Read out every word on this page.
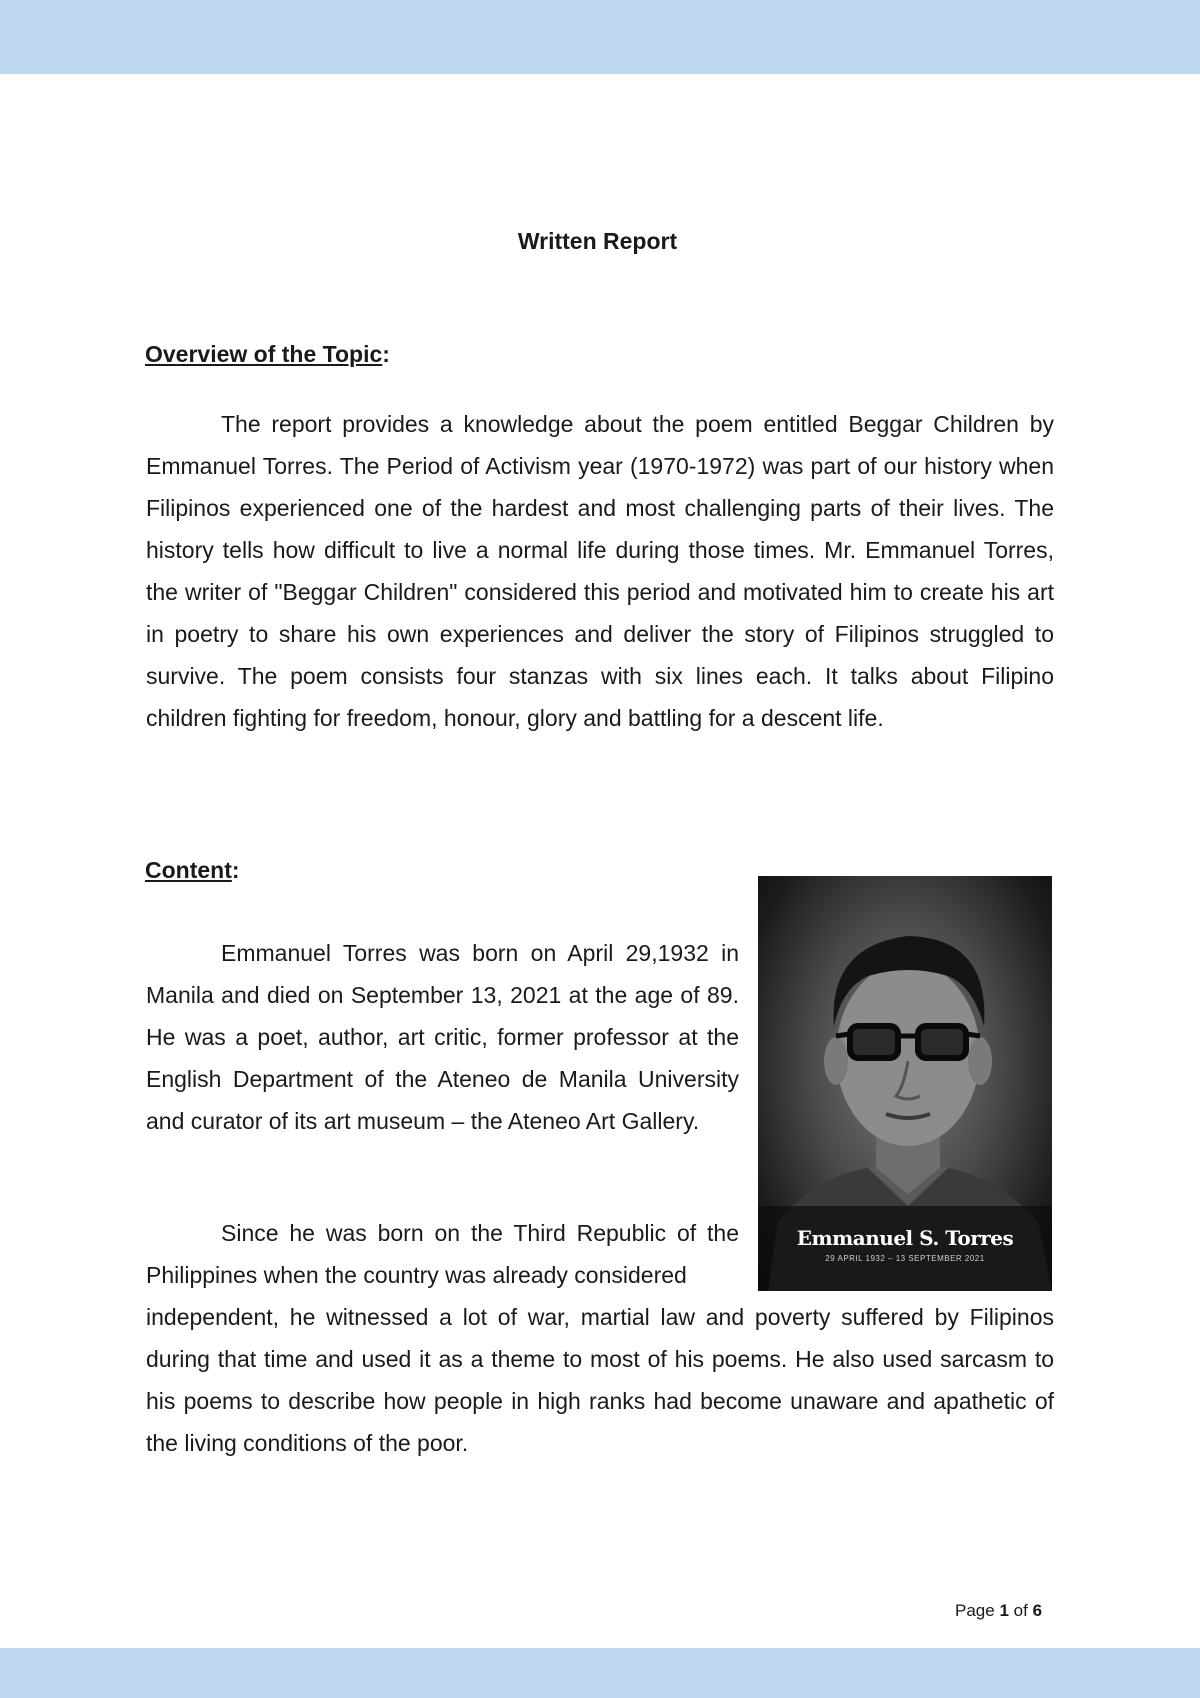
Written Report
Overview of the Topic:

The report provides a knowledge about the poem entitled Beggar Children by Emmanuel Torres. The Period of Activism year (1970-1972) was part of our history when Filipinos experienced one of the hardest and most challenging parts of their lives. The history tells how difficult to live a normal life during those times. Mr. Emmanuel Torres, the writer of "Beggar Children" considered this period and motivated him to create his art in poetry to share his own experiences and deliver the story of Filipinos struggled to survive. The poem consists four stanzas with six lines each. It talks about Filipino children fighting for freedom, honour, glory and battling for a descent life.

Content:

Emmanuel Torres was born on April 29,1932 in Manila and died on September 13, 2021 at the age of 89. He was a poet, author, art critic, former professor at the English Department of the Ateneo de Manila University and curator of its art museum – the Ateneo Art Gallery.

Since he was born on the Third Republic of the Philippines when the country was already considered

independent, he witnessed a lot of war, martial law and poverty suffered by Filipinos during that time and used it as a theme to most of his poems. He also used sarcasm to his poems to describe how people in high ranks had become unaware and apathetic of the living conditions of the poor.

Emmanuel S. Torres
29 APRIL 1932 – 13 SEPTEMBER 2021
Page 1 of 6
